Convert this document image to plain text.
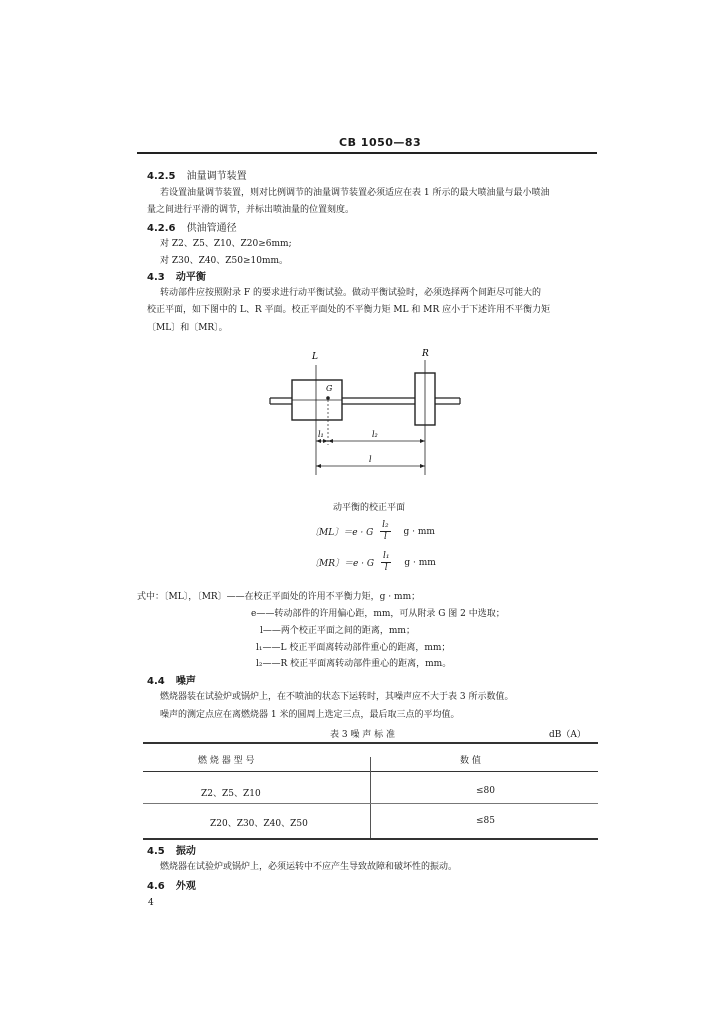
CB 1050—83
4.2.5 油量调节装置
若设置油量调节装置，则对比例调节的油量调节装置必须适应在表 1 所示的最大喷油量与最小喷油
量之间进行平滑的调节，并标出喷油量的位置刻度。
4.2.6 供油管通径
对 Z2、Z5、Z10、Z20≥6mm;
对 Z30、Z40、Z50≥10mm。
4.3 动平衡
转动部件应按照附录 F 的要求进行动平衡试验。做动平衡试验时，必须选择两个间距尽可能大的
校正平面，如下图中的 L、R 平面。校正平面处的不平衡力矩 ML 和 MR 应小于下述许用不平衡力矩
〔ML〕和〔MR〕。
L	R
G
l₁	l₂
l
动平衡的校正平面
〔ML〕＝e · G $\frac{\text{l₂}}{l}$ g · mm
〔MR〕＝e · G $\frac{\text{l₁}}{l}$ g · mm
式中：〔ML〕，〔MR〕——在校正平面处的许用不平衡力矩，g · mm；
e——转动部件的许用偏心距，mm，可从附录 G 图 2 中选取；
l——两个校正平面之间的距离，mm；
l₁——L 校正平面离转动部件重心的距离，mm；
l₂——R 校正平面离转动部件重心的距离，mm。
4.4 噪声
燃烧器装在试验炉或锅炉上，在不喷油的状态下运转时，其噪声应不大于表 3 所示数值。
噪声的测定点应在离燃烧器 1 米的圆周上选定三点，最后取三点的平均值。
表 3 噪 声 标 准	dB（A）
燃 烧 器 型 号	数 值
Z2、Z5、Z10	≤80
Z20、Z30、Z40、Z50	≤85
4.5 振动
燃烧器在试验炉或锅炉上，必须运转中不应产生导致故障和破坏性的振动。
4.6 外观
4
